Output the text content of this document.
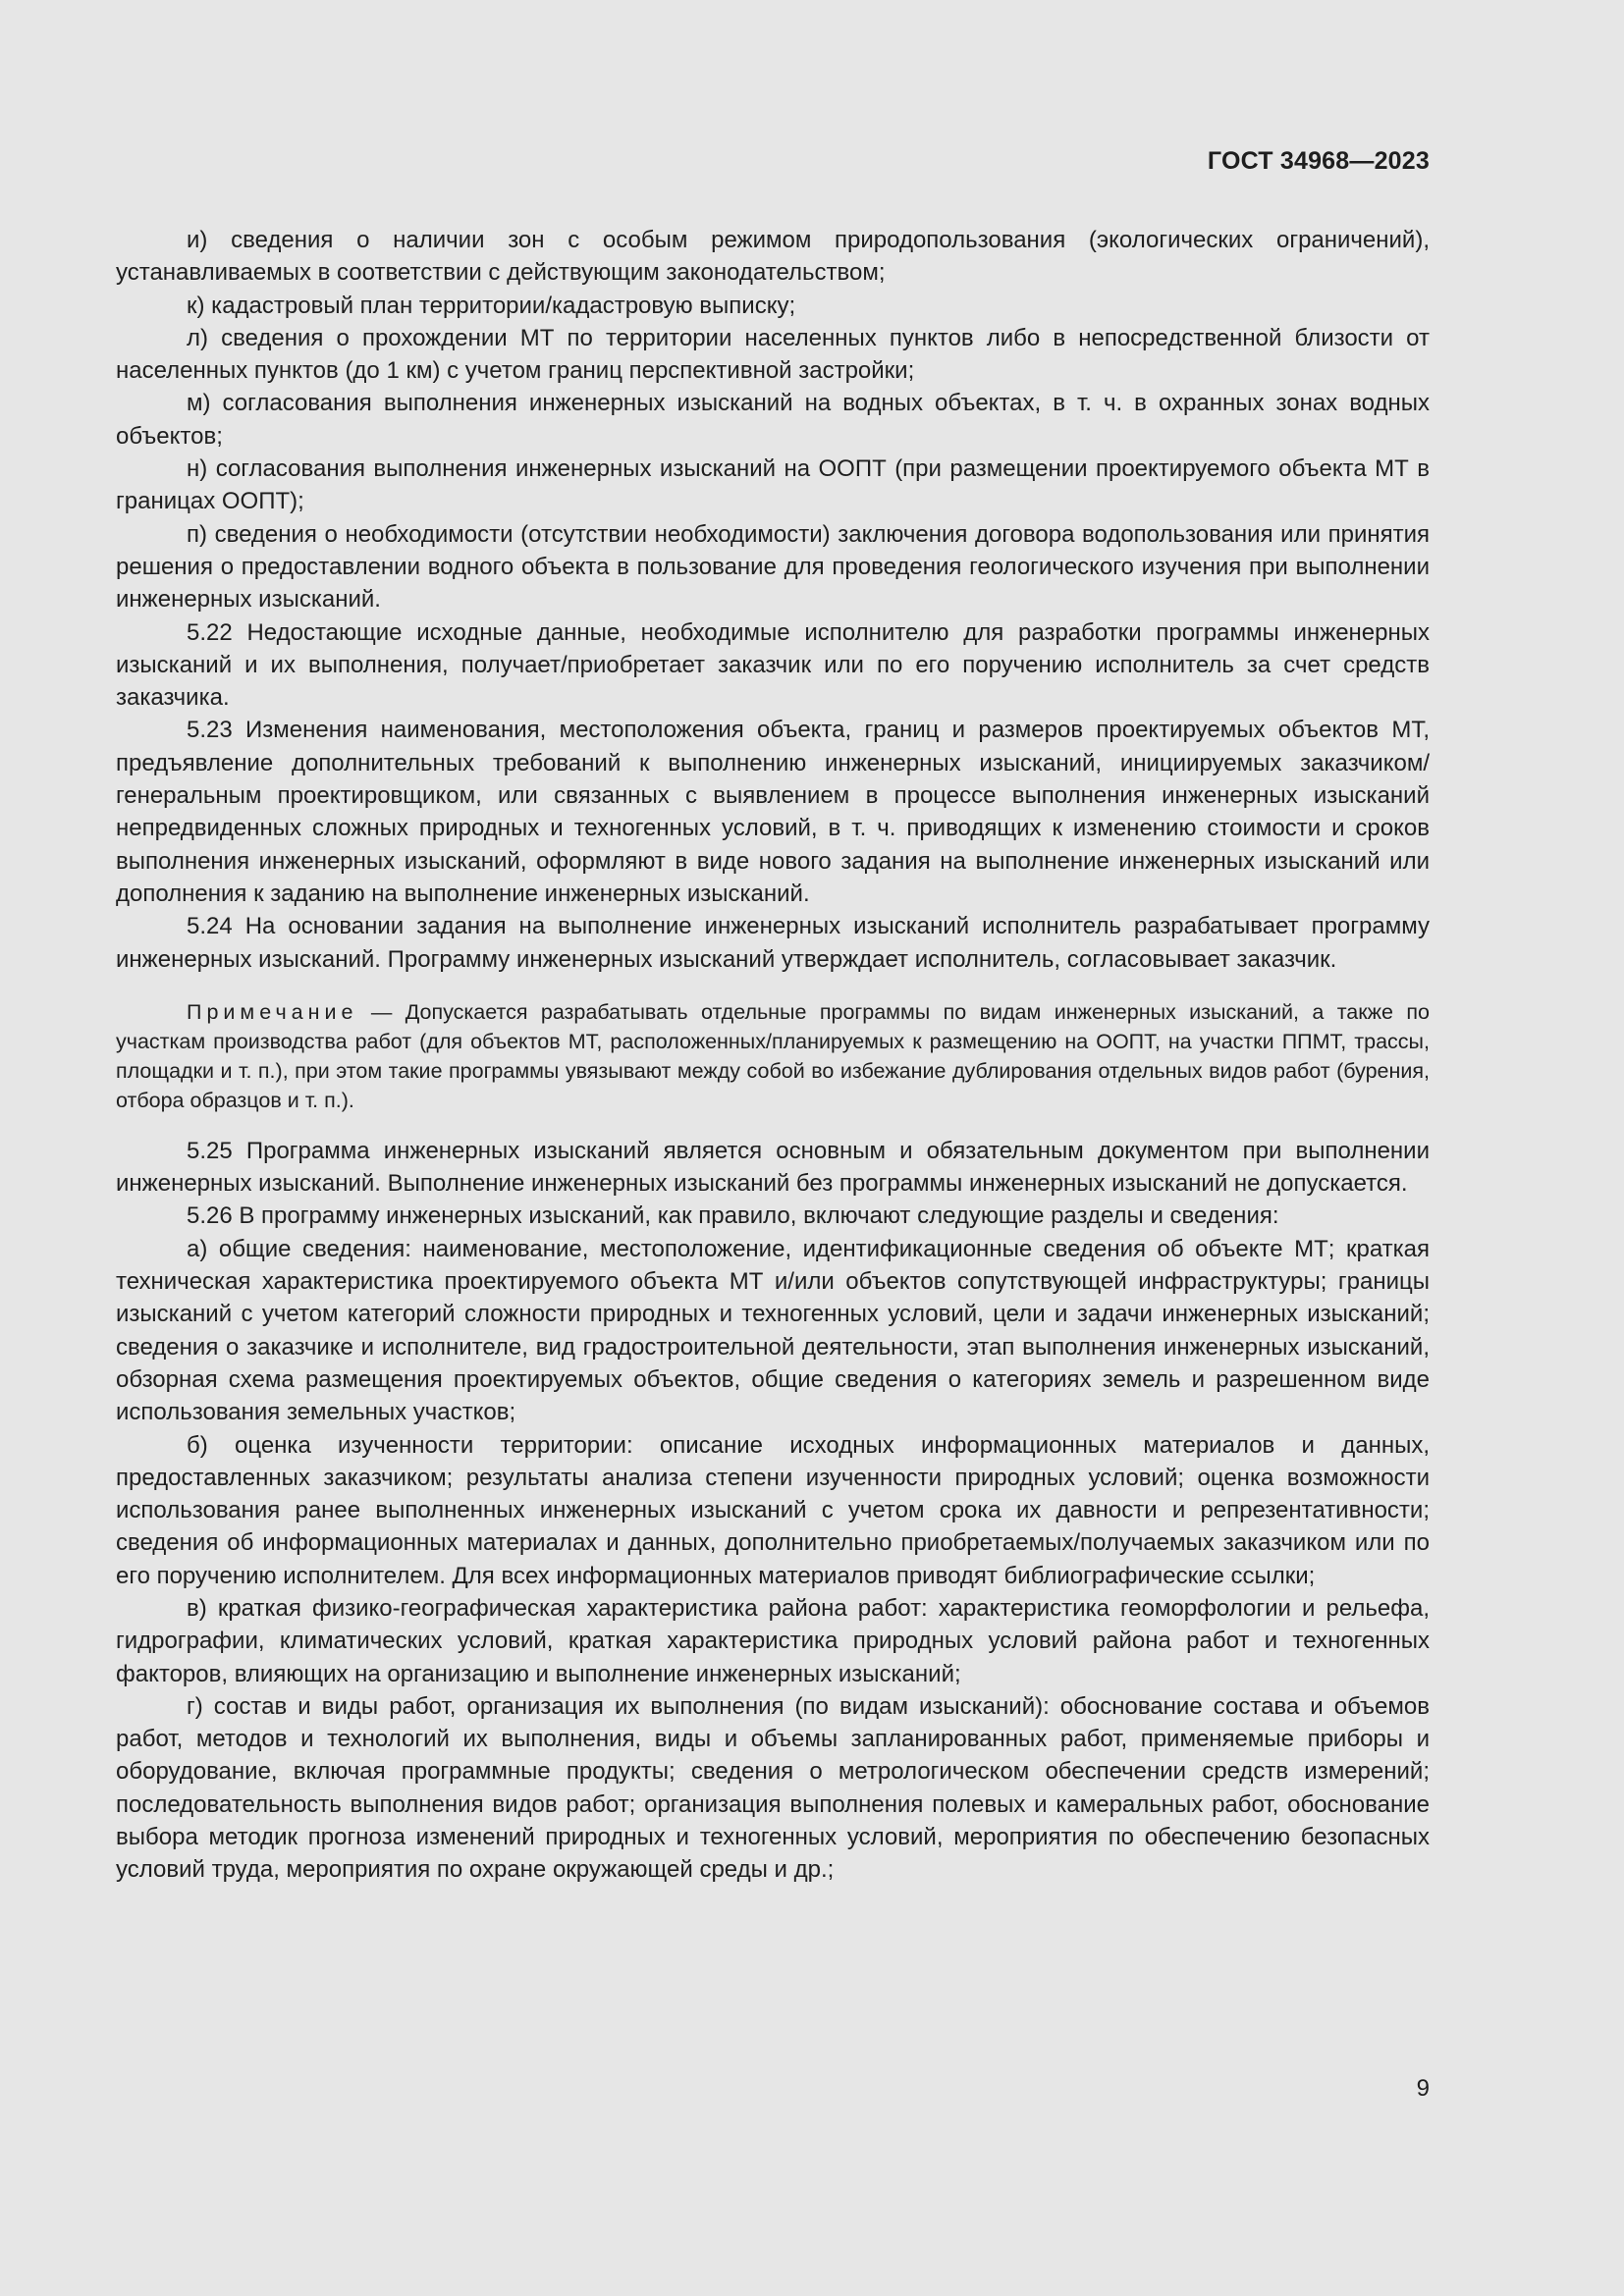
ГОСТ 34968—2023

и) сведения о наличии зон с особым режимом природопользования (экологических ограничений), устанавливаемых в соответствии с действующим законодательством;

к) кадастровый план территории/кадастровую выписку;

л) сведения о прохождении МТ по территории населенных пунктов либо в непосредственной близости от населенных пунктов (до 1 км) с учетом границ перспективной застройки;

м) согласования выполнения инженерных изысканий на водных объектах, в т. ч. в охранных зонах водных объектов;

н) согласования выполнения инженерных изысканий на ООПТ (при размещении проектируемого объекта МТ в границах ООПТ);

п) сведения о необходимости (отсутствии необходимости) заключения договора водопользования или принятия решения о предоставлении водного объекта в пользование для проведения геологического изучения при выполнении инженерных изысканий.

5.22 Недостающие исходные данные, необходимые исполнителю для разработки программы инженерных изысканий и их выполнения, получает/приобретает заказчик или по его поручению исполнитель за счет средств заказчика.

5.23 Изменения наименования, местоположения объекта, границ и размеров проектируемых объектов МТ, предъявление дополнительных требований к выполнению инженерных изысканий, инициируемых заказчиком/генеральным проектировщиком, или связанных с выявлением в процессе выполнения инженерных изысканий непредвиденных сложных природных и техногенных условий, в т. ч. приводящих к изменению стоимости и сроков выполнения инженерных изысканий, оформляют в виде нового задания на выполнение инженерных изысканий или дополнения к заданию на выполнение инженерных изысканий.

5.24 На основании задания на выполнение инженерных изысканий исполнитель разрабатывает программу инженерных изысканий. Программу инженерных изысканий утверждает исполнитель, согласовывает заказчик.

Примечание — Допускается разрабатывать отдельные программы по видам инженерных изысканий, а также по участкам производства работ (для объектов МТ, расположенных/планируемых к размещению на ООПТ, на участки ППМТ, трассы, площадки и т. п.), при этом такие программы увязывают между собой во избежание дублирования отдельных видов работ (бурения, отбора образцов и т. п.).

5.25 Программа инженерных изысканий является основным и обязательным документом при выполнении инженерных изысканий. Выполнение инженерных изысканий без программы инженерных изысканий не допускается.

5.26 В программу инженерных изысканий, как правило, включают следующие разделы и сведения:

а) общие сведения: наименование, местоположение, идентификационные сведения об объекте МТ; краткая техническая характеристика проектируемого объекта МТ и/или объектов сопутствующей инфраструктуры; границы изысканий с учетом категорий сложности природных и техногенных условий, цели и задачи инженерных изысканий; сведения о заказчике и исполнителе, вид градостроительной деятельности, этап выполнения инженерных изысканий, обзорная схема размещения проектируемых объектов, общие сведения о категориях земель и разрешенном виде использования земельных участков;

б) оценка изученности территории: описание исходных информационных материалов и данных, предоставленных заказчиком; результаты анализа степени изученности природных условий; оценка возможности использования ранее выполненных инженерных изысканий с учетом срока их давности и репрезентативности; сведения об информационных материалах и данных, дополнительно приобретаемых/получаемых заказчиком или по его поручению исполнителем. Для всех информационных материалов приводят библиографические ссылки;

в) краткая физико-географическая характеристика района работ: характеристика геоморфологии и рельефа, гидрографии, климатических условий, краткая характеристика природных условий района работ и техногенных факторов, влияющих на организацию и выполнение инженерных изысканий;

г) состав и виды работ, организация их выполнения (по видам изысканий): обоснование состава и объемов работ, методов и технологий их выполнения, виды и объемы запланированных работ, применяемые приборы и оборудование, включая программные продукты; сведения о метрологическом обеспечении средств измерений; последовательность выполнения видов работ; организация выполнения полевых и камеральных работ, обоснование выбора методик прогноза изменений природных и техногенных условий, мероприятия по обеспечению безопасных условий труда, мероприятия по охране окружающей среды и др.;

9
